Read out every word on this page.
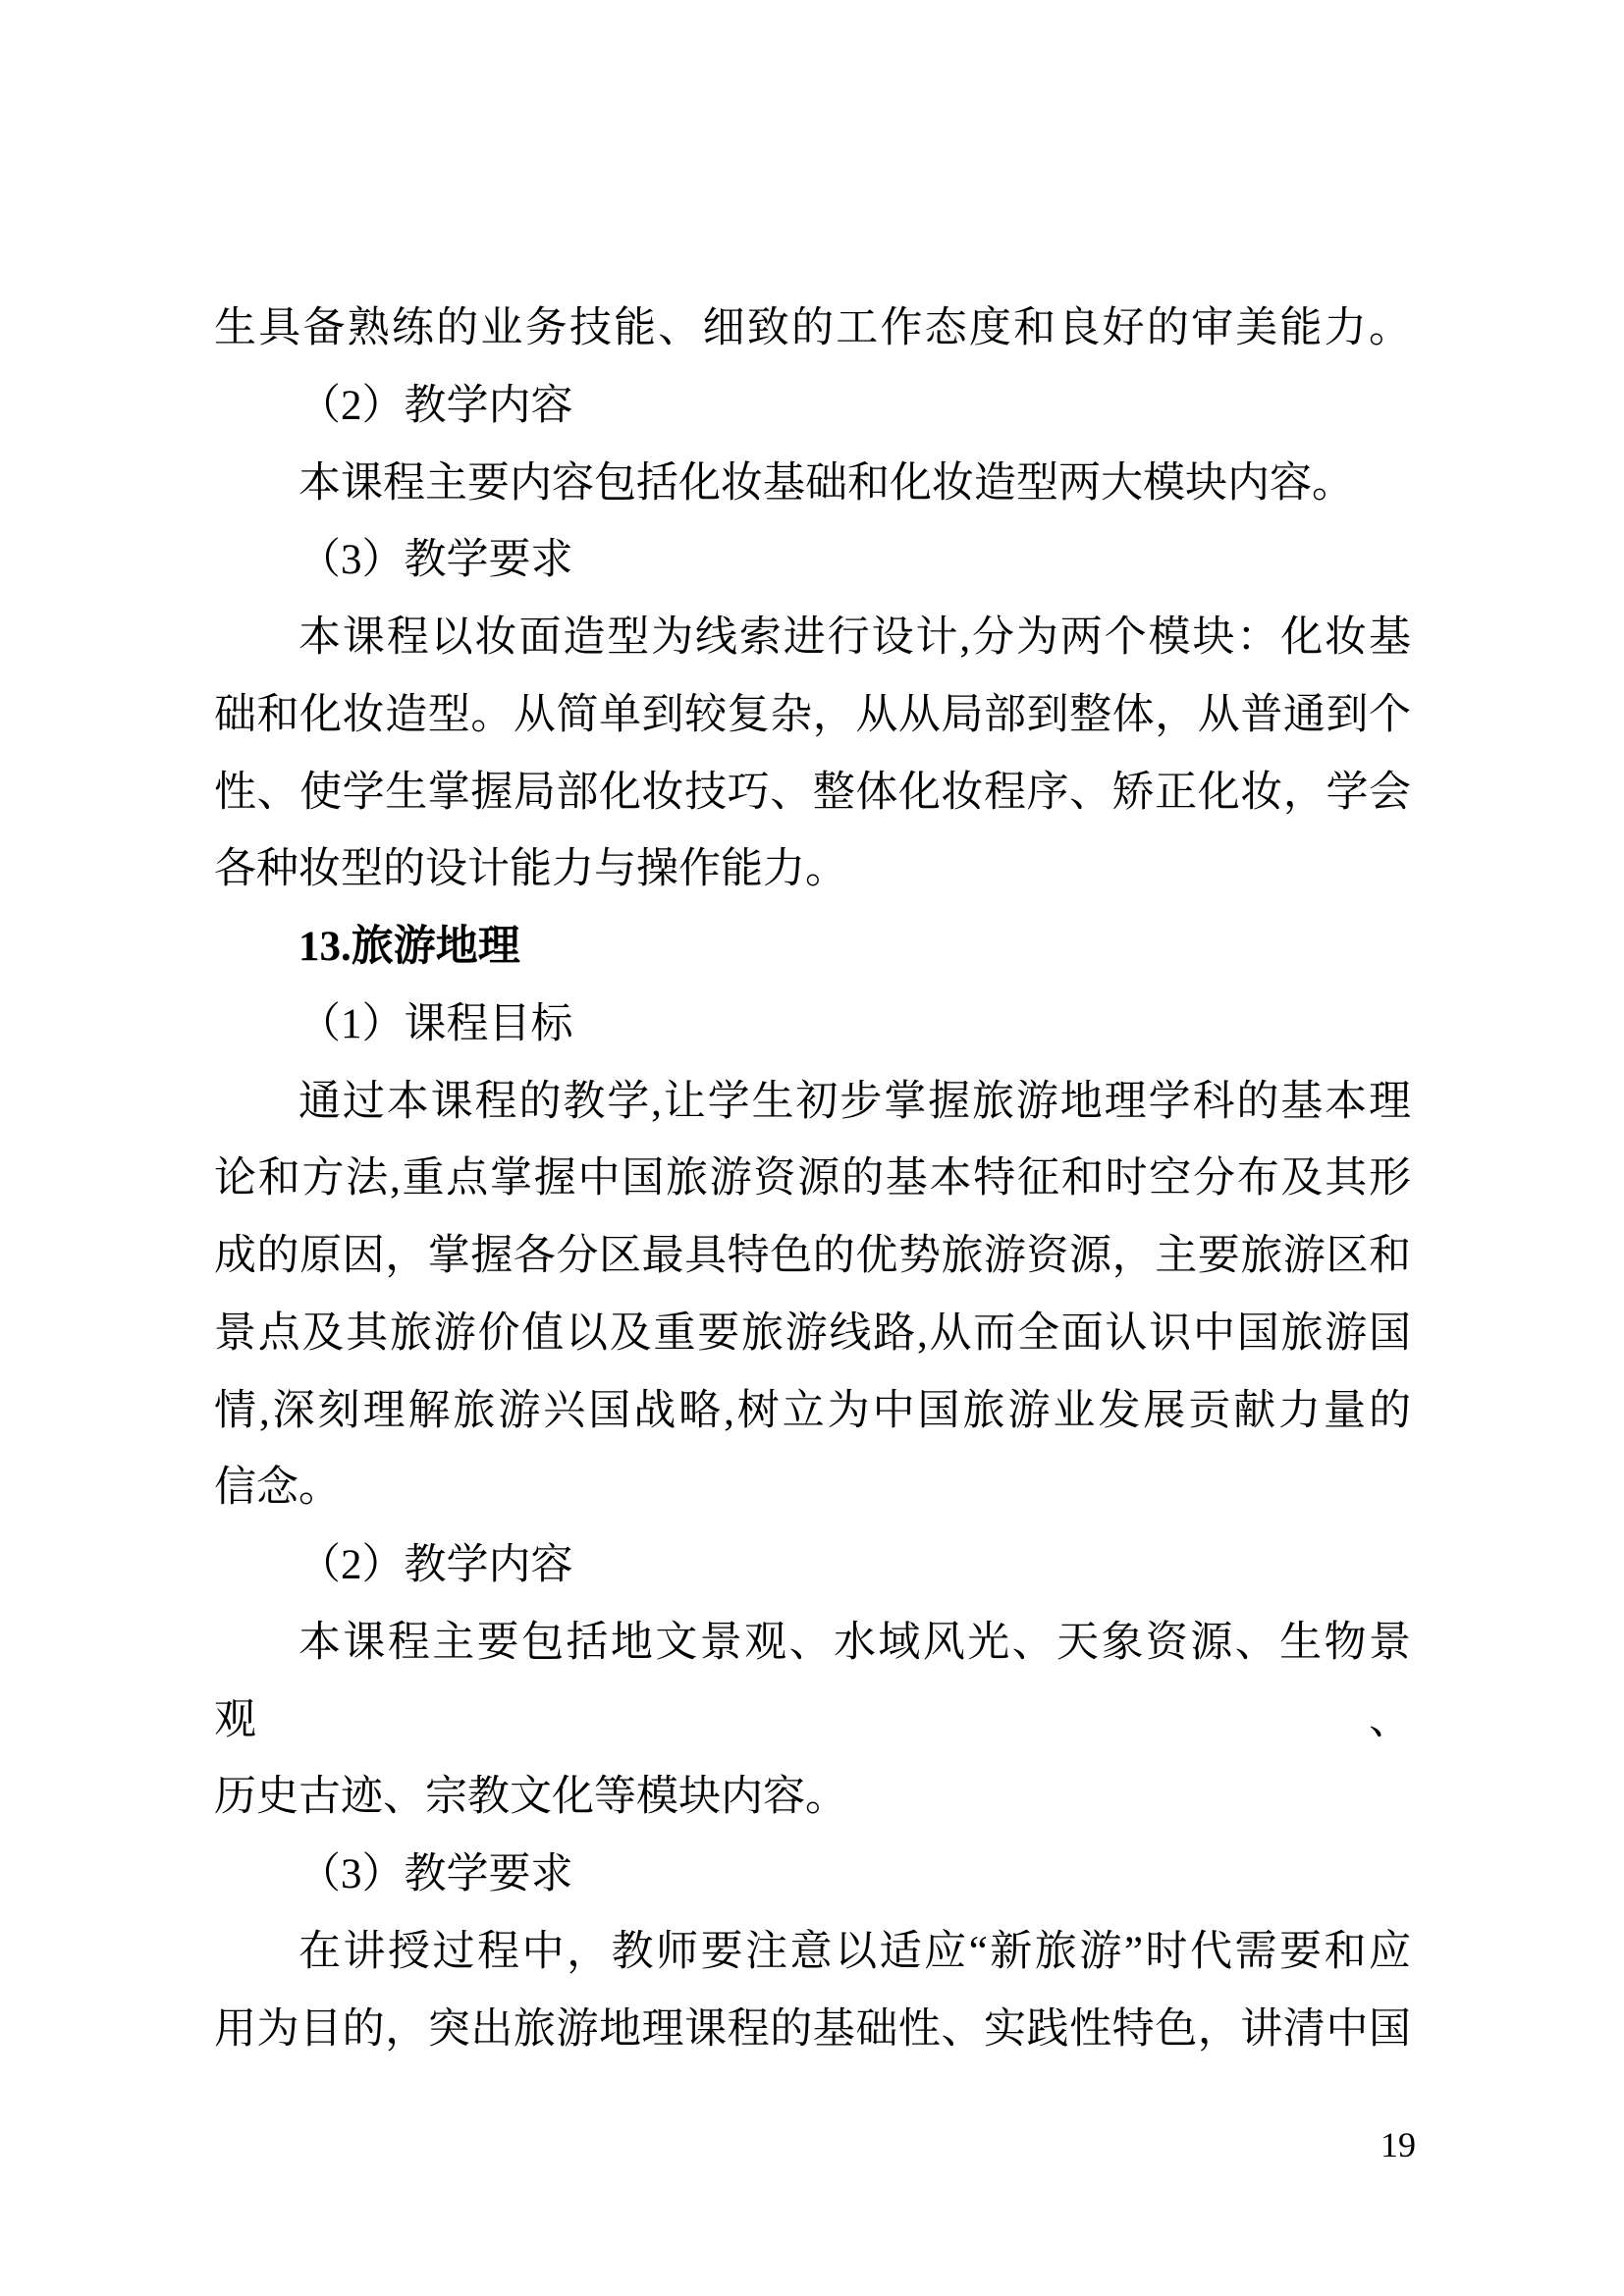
生具备熟练的业务技能、细致的工作态度和良好的审美能力。
（2）教学内容
本课程主要内容包括化妆基础和化妆造型两大模块内容。
（3）教学要求
本课程以妆面造型为线索进行设计,分为两个模块：化妆基
础和化妆造型。从简单到较复杂，从从局部到整体，从普通到个
性、使学生掌握局部化妆技巧、整体化妆程序、矫正化妆，学会
各种妆型的设计能力与操作能力。
13.旅游地理
（1）课程目标
通过本课程的教学,让学生初步掌握旅游地理学科的基本理
论和方法,重点掌握中国旅游资源的基本特征和时空分布及其形
成的原因，掌握各分区最具特色的优势旅游资源，主要旅游区和
景点及其旅游价值以及重要旅游线路,从而全面认识中国旅游国
情,深刻理解旅游兴国战略,树立为中国旅游业发展贡献力量的
信念。
（2）教学内容
本课程主要包括地文景观、水域风光、天象资源、生物景观、
历史古迹、宗教文化等模块内容。
（3）教学要求
在讲授过程中，教师要注意以适应“新旅游”时代需要和应
用为目的，突出旅游地理课程的基础性、实践性特色，讲清中国
19
